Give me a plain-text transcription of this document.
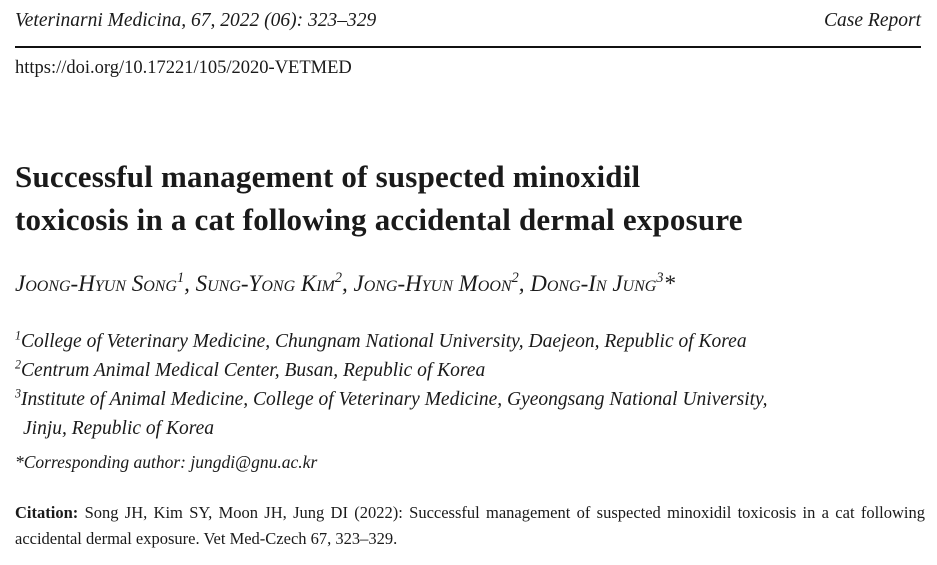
Veterinarni Medicina, 67, 2022 (06): 323–329	Case Report
https://doi.org/10.17221/105/2020-VETMED
Successful management of suspected minoxidil
toxicosis in a cat following accidental dermal exposure
Joong-Hyun Song$^1$, Sung-Yong Kim$^2$, Jong-Hyun Moon$^2$, Dong-In Jung$^3$*
$^1$College of Veterinary Medicine, Chungnam National University, Daejeon, Republic of Korea
$^2$Centrum Animal Medical Center, Busan, Republic of Korea
$^3$Institute of Animal Medicine, College of Veterinary Medicine, Gyeongsang National University,
Jinju, Republic of Korea
*Corresponding author: jungdi@gnu.ac.kr
Citation: Song JH, Kim SY, Moon JH, Jung DI (2022): Successful management of suspected minoxidil toxicosis in a cat following accidental dermal exposure. Vet Med-Czech 67, 323–329.
